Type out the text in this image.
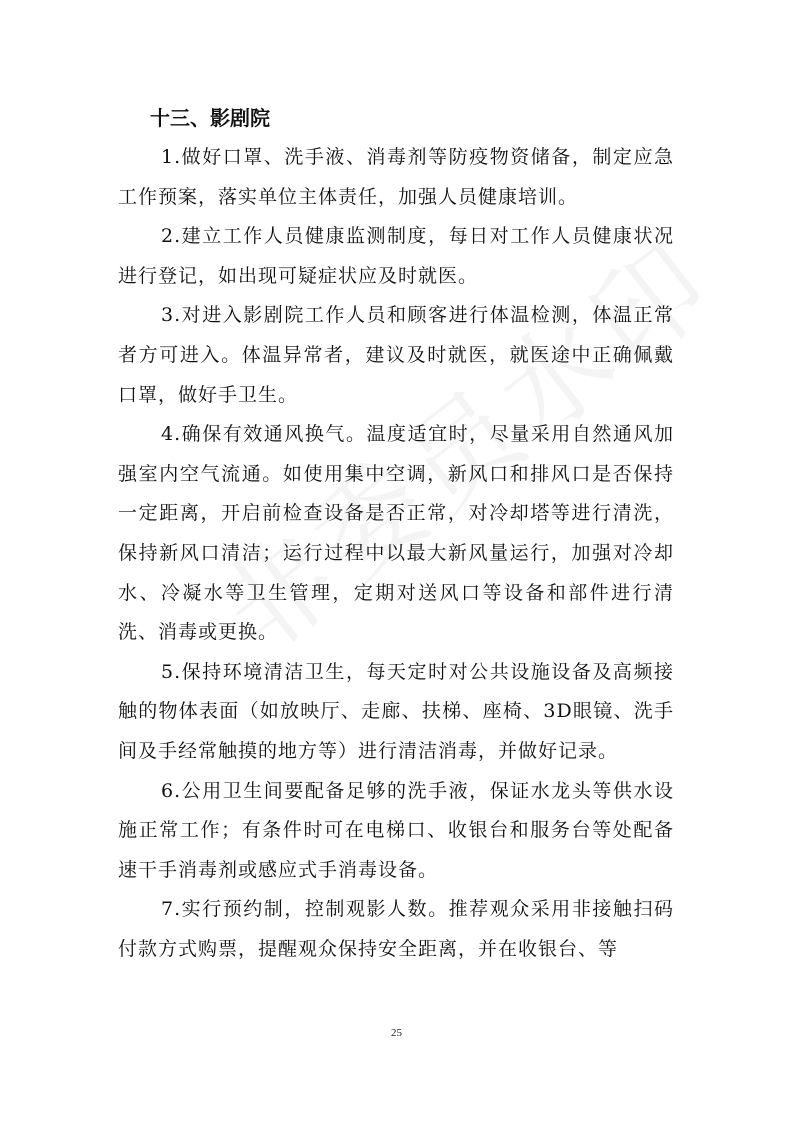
十三、影剧院

1.做好口罩、洗手液、消毒剂等防疫物资储备，制定应急工作预案，落实单位主体责任，加强人员健康培训。

2.建立工作人员健康监测制度，每日对工作人员健康状况进行登记，如出现可疑症状应及时就医。

3.对进入影剧院工作人员和顾客进行体温检测，体温正常者方可进入。体温异常者，建议及时就医，就医途中正确佩戴口罩，做好手卫生。

4.确保有效通风换气。温度适宜时，尽量采用自然通风加强室内空气流通。如使用集中空调，新风口和排风口是否保持一定距离，开启前检查设备是否正常，对冷却塔等进行清洗，保持新风口清洁；运行过程中以最大新风量运行，加强对冷却水、冷凝水等卫生管理，定期对送风口等设备和部件进行清洗、消毒或更换。

5.保持环境清洁卫生，每天定时对公共设施设备及高频接触的物体表面（如放映厅、走廊、扶梯、座椅、3D眼镜、洗手间及手经常触摸的地方等）进行清洁消毒，并做好记录。

6.公用卫生间要配备足够的洗手液，保证水龙头等供水设施正常工作；有条件时可在电梯口、收银台和服务台等处配备速干手消毒剂或感应式手消毒设备。

7.实行预约制，控制观影人数。推荐观众采用非接触扫码付款方式购票，提醒观众保持安全距离，并在收银台、等

25
